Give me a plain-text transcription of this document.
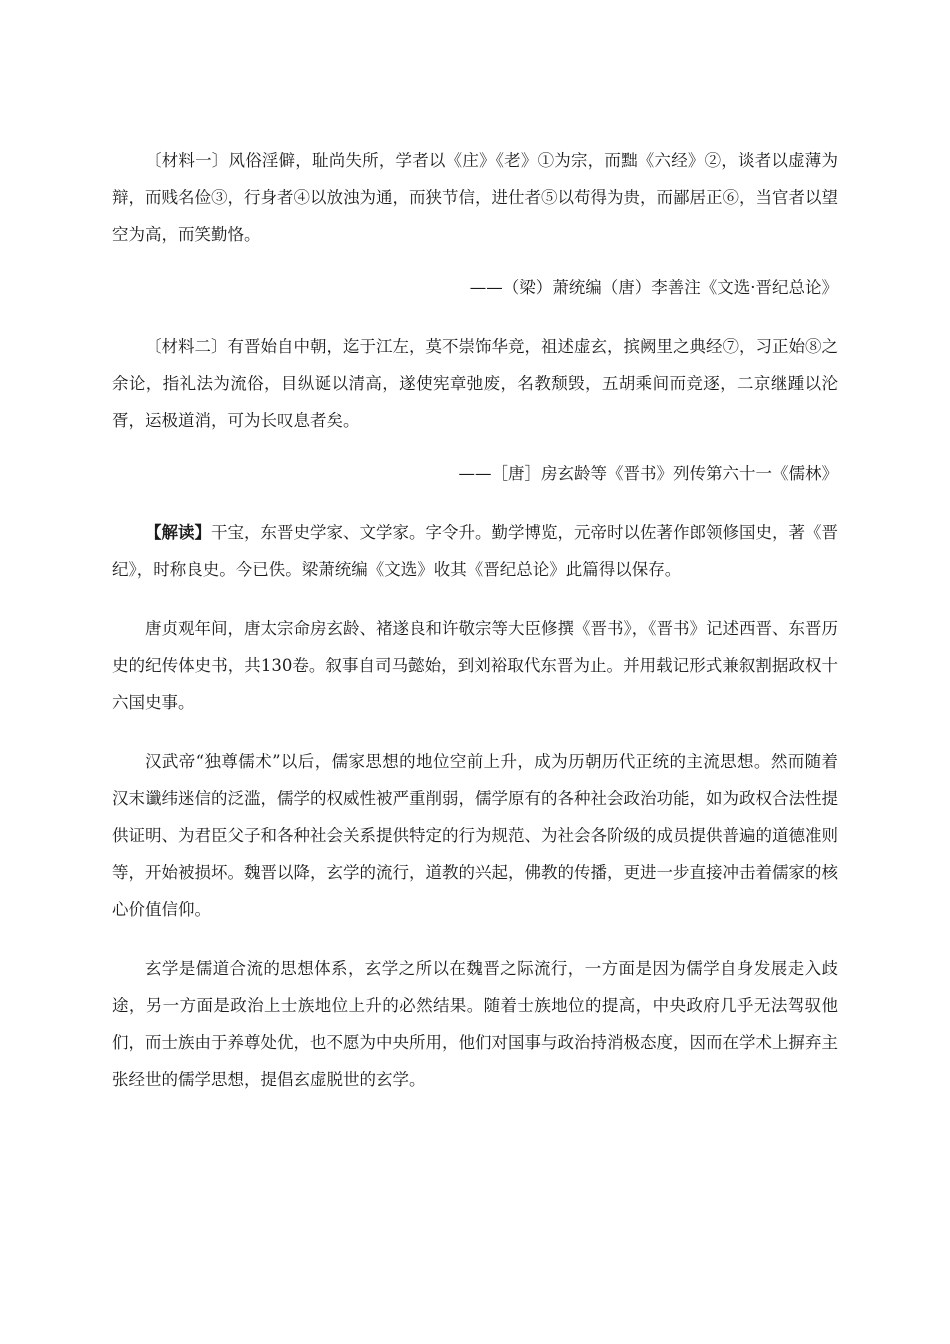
〔材料一〕风俗淫僻，耻尚失所，学者以《庄》《老》①为宗，而黜《六经》②，谈者以虚薄为辩，而贱名俭③，行身者④以放浊为通，而狭节信，进仕者⑤以苟得为贵，而鄙居正⑥，当官者以望空为高，而笑勤恪。

——（梁）萧统编（唐）李善注《文选·晋纪总论》

〔材料二〕有晋始自中朝，迄于江左，莫不崇饰华竞，祖述虚玄，摈阙里之典经⑦，习正始⑧之余论，指礼法为流俗，目纵诞以清高，遂使宪章弛废，名教颓毁，五胡乘间而竞逐，二京继踵以沦胥，运极道消，可为长叹息者矣。

——［唐］房玄龄等《晋书》列传第六十一《儒林》

【解读】干宝，东晋史学家、文学家。字令升。勤学博览，元帝时以佐著作郎领修国史，著《晋纪》，时称良史。今已佚。梁萧统编《文选》收其《晋纪总论》此篇得以保存。

唐贞观年间，唐太宗命房玄龄、褚遂良和许敬宗等大臣修撰《晋书》，《晋书》记述西晋、东晋历史的纪传体史书，共130卷。叙事自司马懿始，到刘裕取代东晋为止。并用载记形式兼叙割据政权十六国史事。

汉武帝“独尊儒术”以后，儒家思想的地位空前上升，成为历朝历代正统的主流思想。然而随着汉末谶纬迷信的泛滥，儒学的权威性被严重削弱，儒学原有的各种社会政治功能，如为政权合法性提供证明、为君臣父子和各种社会关系提供特定的行为规范、为社会各阶级的成员提供普遍的道德准则等，开始被损坏。魏晋以降，玄学的流行，道教的兴起，佛教的传播，更进一步直接冲击着儒家的核心价值信仰。

玄学是儒道合流的思想体系，玄学之所以在魏晋之际流行，一方面是因为儒学自身发展走入歧途，另一方面是政治上士族地位上升的必然结果。随着士族地位的提高，中央政府几乎无法驾驭他们，而士族由于养尊处优，也不愿为中央所用，他们对国事与政治持消极态度，因而在学术上摒弃主张经世的儒学思想，提倡玄虚脱世的玄学。
